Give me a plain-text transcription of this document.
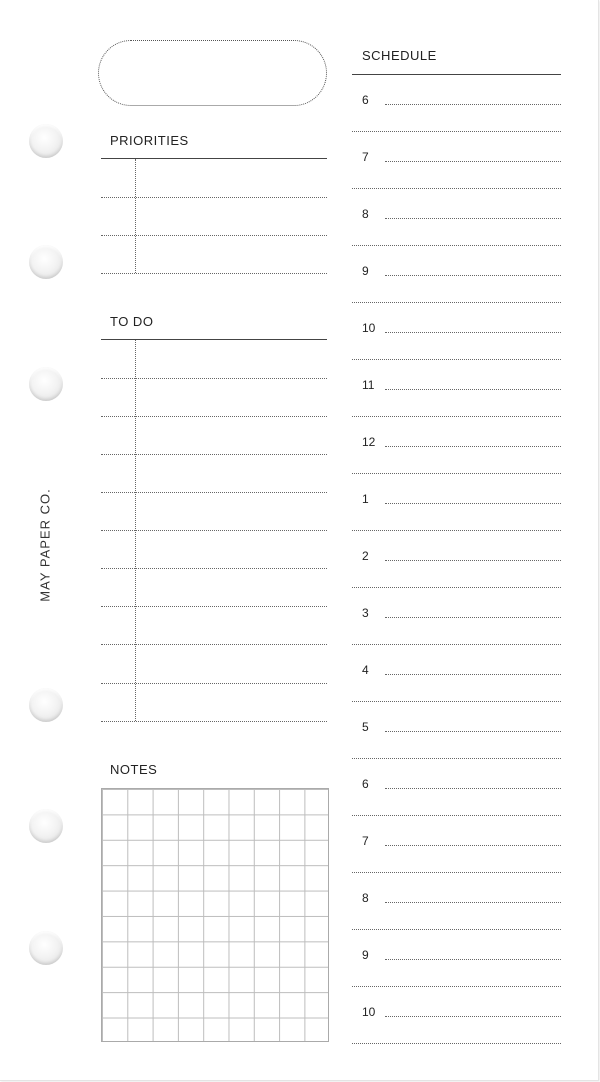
MAY PAPER CO.
PRIORITIES
TO DO
NOTES
SCHEDULE
6
7
8
9
10
11
12
1
2
3
4
5
6
7
8
9
10
